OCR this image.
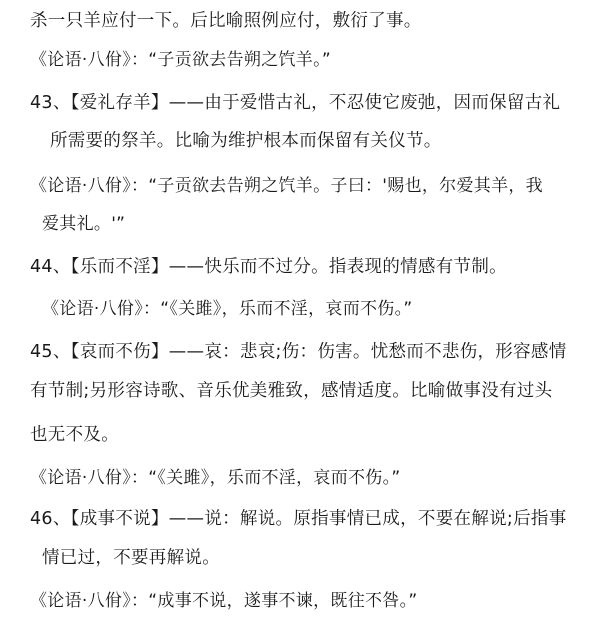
杀一只羊应付一下。后比喻照例应付，敷衍了事。
《论语·八佾》：“子贡欲去告朔之饩羊。”
43、【爱礼存羊】——由于爱惜古礼，不忍使它废弛，因而保留古礼
所需要的祭羊。比喻为维护根本而保留有关仪节。
《论语·八佾》：“子贡欲去告朔之饩羊。子曰：'赐也，尔爱其羊，我
爱其礼。'”
44、【乐而不淫】——快乐而不过分。指表现的情感有节制。
《论语·八佾》：“《关雎》，乐而不淫，哀而不伤。”
45、【哀而不伤】——哀：悲哀;伤：伤害。忧愁而不悲伤，形容感情
有节制;另形容诗歌、音乐优美雅致，感情适度。比喻做事没有过头
也无不及。
《论语·八佾》：“《关雎》，乐而不淫，哀而不伤。”
46、【成事不说】——说：解说。原指事情已成，不要在解说;后指事
情已过，不要再解说。
《论语·八佾》：“成事不说，遂事不谏，既往不咎。”
